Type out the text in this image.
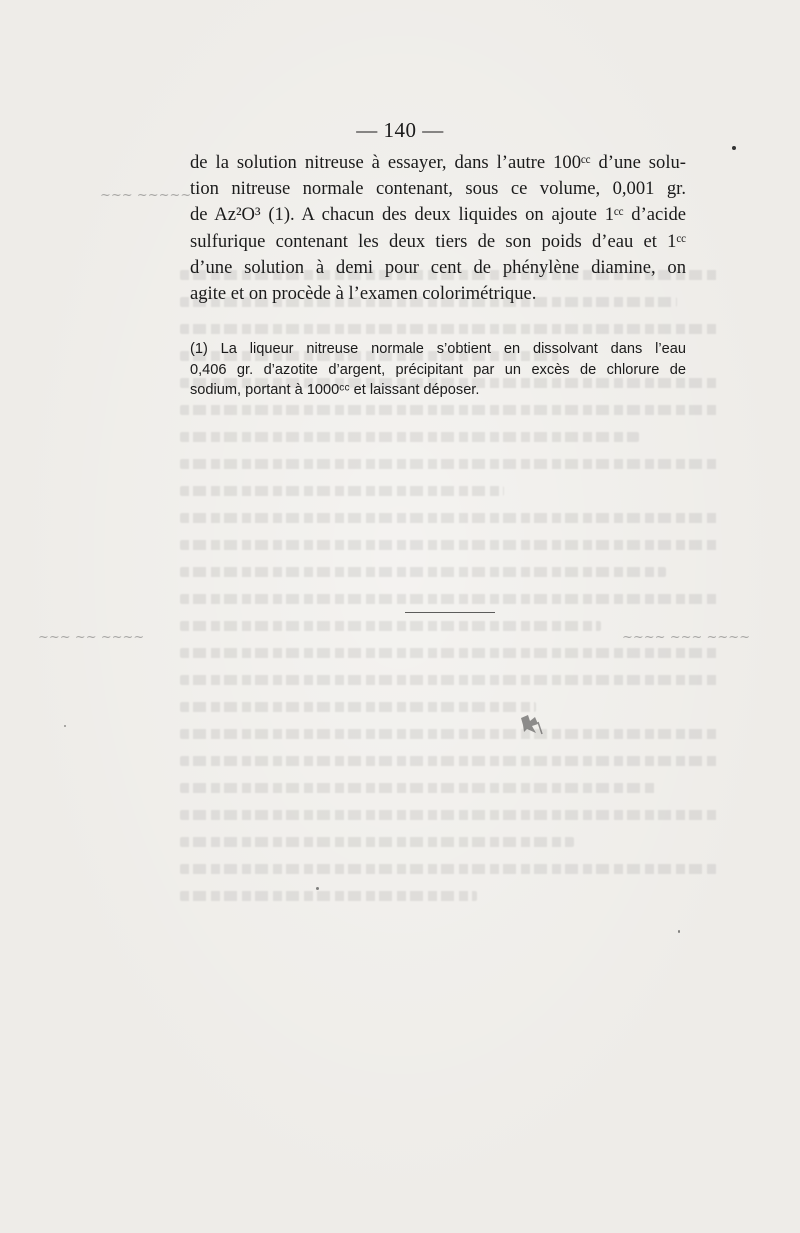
~~~ ~~~~~
~~~ ~~ ~~~~	~~~~ ~~~ ~~~~
— 140 —
de la solution nitreuse à essayer, dans l’autre 100ᶜᶜ d’une solu-
tion nitreuse normale contenant, sous ce volume, 0,001 gr.
de Az²O³ (1). A chacun des deux liquides on ajoute 1ᶜᶜ d’acide
sulfurique contenant les deux tiers de son poids d’eau et 1ᶜᶜ
d’une solution à demi pour cent de phénylène diamine, on
agite et on procède à l’examen colorimétrique.
(1) La liqueur nitreuse normale s’obtient en dissolvant dans l’eau
0,406 gr. d’azotite d’argent, précipitant par un excès de chlorure de
sodium, portant à 1000ᶜᶜ et laissant déposer.
